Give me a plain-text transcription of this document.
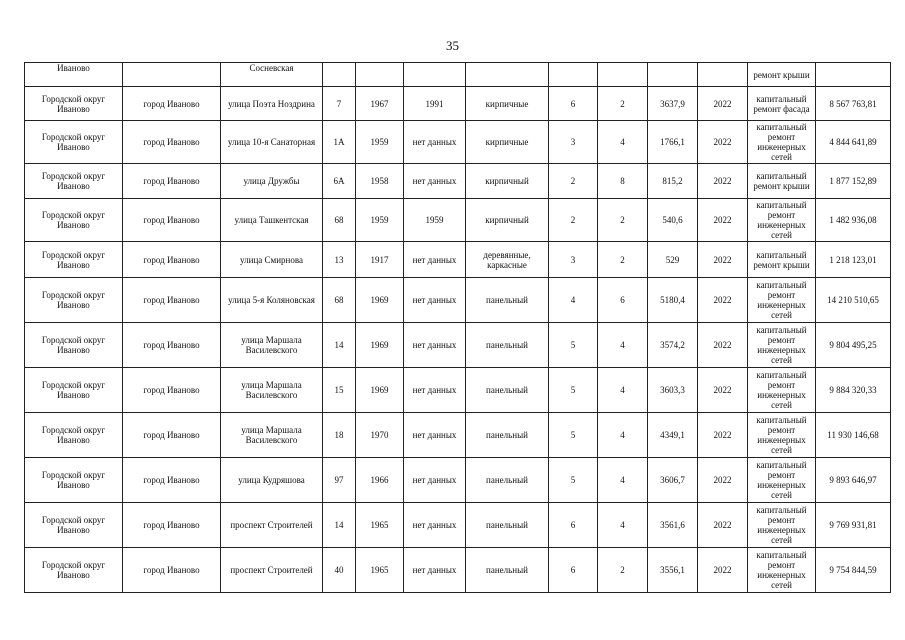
35
Иваново		Сосневская									ремонт крыши	
Городской округ Иваново	город Иваново	улица Поэта Ноздрина	7	1967	1991	кирпичные	6	2	3637,9	2022	капитальный ремонт фасада	8 567 763,81
Городской округ Иваново	город Иваново	улица 10-я Санаторная	1А	1959	нет данных	кирпичные	3	4	1766,1	2022	капитальный ремонт инженерных сетей	4 844 641,89
Городской округ Иваново	город Иваново	улица Дружбы	6А	1958	нет данных	кирпичный	2	8	815,2	2022	капитальный ремонт крыши	1 877 152,89
Городской округ Иваново	город Иваново	улица Ташкентская	68	1959	1959	кирпичный	2	2	540,6	2022	капитальный ремонт инженерных сетей	1 482 936,08
Городской округ Иваново	город Иваново	улица Смирнова	13	1917	нет данных	деревянные, каркасные	3	2	529	2022	капитальный ремонт крыши	1 218 123,01
Городской округ Иваново	город Иваново	улица 5-я Коляновская	68	1969	нет данных	панельный	4	6	5180,4	2022	капитальный ремонт инженерных сетей	14 210 510,65
Городской округ Иваново	город Иваново	улица Маршала Василевского	14	1969	нет данных	панельный	5	4	3574,2	2022	капитальный ремонт инженерных сетей	9 804 495,25
Городской округ Иваново	город Иваново	улица Маршала Василевского	15	1969	нет данных	панельный	5	4	3603,3	2022	капитальный ремонт инженерных сетей	9 884 320,33
Городской округ Иваново	город Иваново	улица Маршала Василевского	18	1970	нет данных	панельный	5	4	4349,1	2022	капитальный ремонт инженерных сетей	11 930 146,68
Городской округ Иваново	город Иваново	улица Кудряшова	97	1966	нет данных	панельный	5	4	3606,7	2022	капитальный ремонт инженерных сетей	9 893 646,97
Городской округ Иваново	город Иваново	проспект Строителей	14	1965	нет данных	панельный	6	4	3561,6	2022	капитальный ремонт инженерных сетей	9 769 931,81
Городской округ Иваново	город Иваново	проспект Строителей	40	1965	нет данных	панельный	6	2	3556,1	2022	капитальный ремонт инженерных сетей	9 754 844,59
